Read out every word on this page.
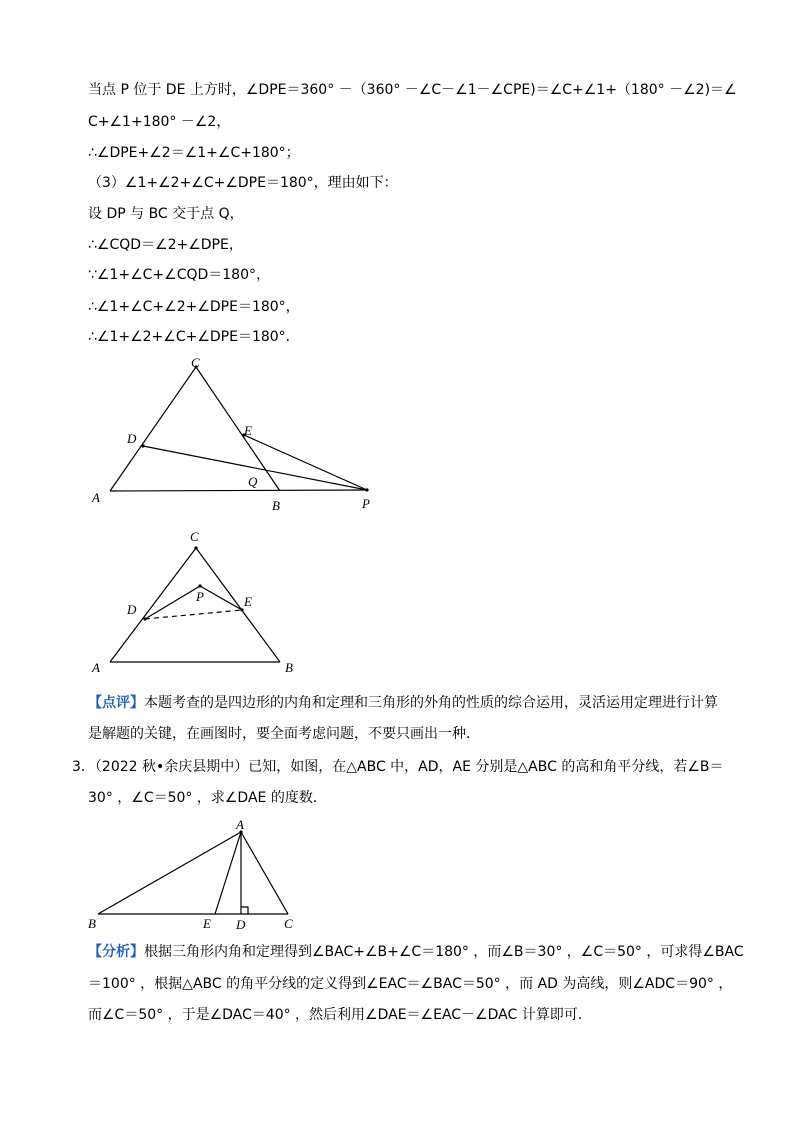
当点 P 位于 DE 上方时，∠DPE＝360° －（360° －∠C－∠1－∠CPE)＝∠C+∠1+（180° －∠2)＝∠
C+∠1+180° －∠2，
∴∠DPE+∠2＝∠1+∠C+180°；
（3）∠1+∠2+∠C+∠DPE＝180°，理由如下：
设 DP 与 BC 交于点 Q，
∴∠CQD＝∠2+∠DPE，
∵∠1+∠C+∠CQD＝180°，
∴∠1+∠C+∠2+∠DPE＝180°，
∴∠1+∠2+∠C+∠DPE＝180°．
C
D
E
Q
A
B	P
C
D
P	E
A	B
【点评】本题考查的是四边形的内角和定理和三角形的外角的性质的综合运用，灵活运用定理进行计算
是解题的关键，在画图时，要全面考虑问题，不要只画出一种．
3．（2022 秋•余庆县期中）已知，如图，在△ABC 中，AD，AE 分别是△ABC 的高和角平分线，若∠B＝
30° ，∠C＝50° ，求∠DAE 的度数．
A
B	E D	C
【分析】根据三角形内角和定理得到∠BAC+∠B+∠C＝180° ，而∠B＝30° ，∠C＝50° ，可求得∠BAC
＝100° ，根据△ABC 的角平分线的定义得到∠EAC＝∠BAC＝50° ，而 AD 为高线，则∠ADC＝90° ，
而∠C＝50° ，于是∠DAC＝40° ，然后利用∠DAE＝∠EAC－∠DAC 计算即可．
